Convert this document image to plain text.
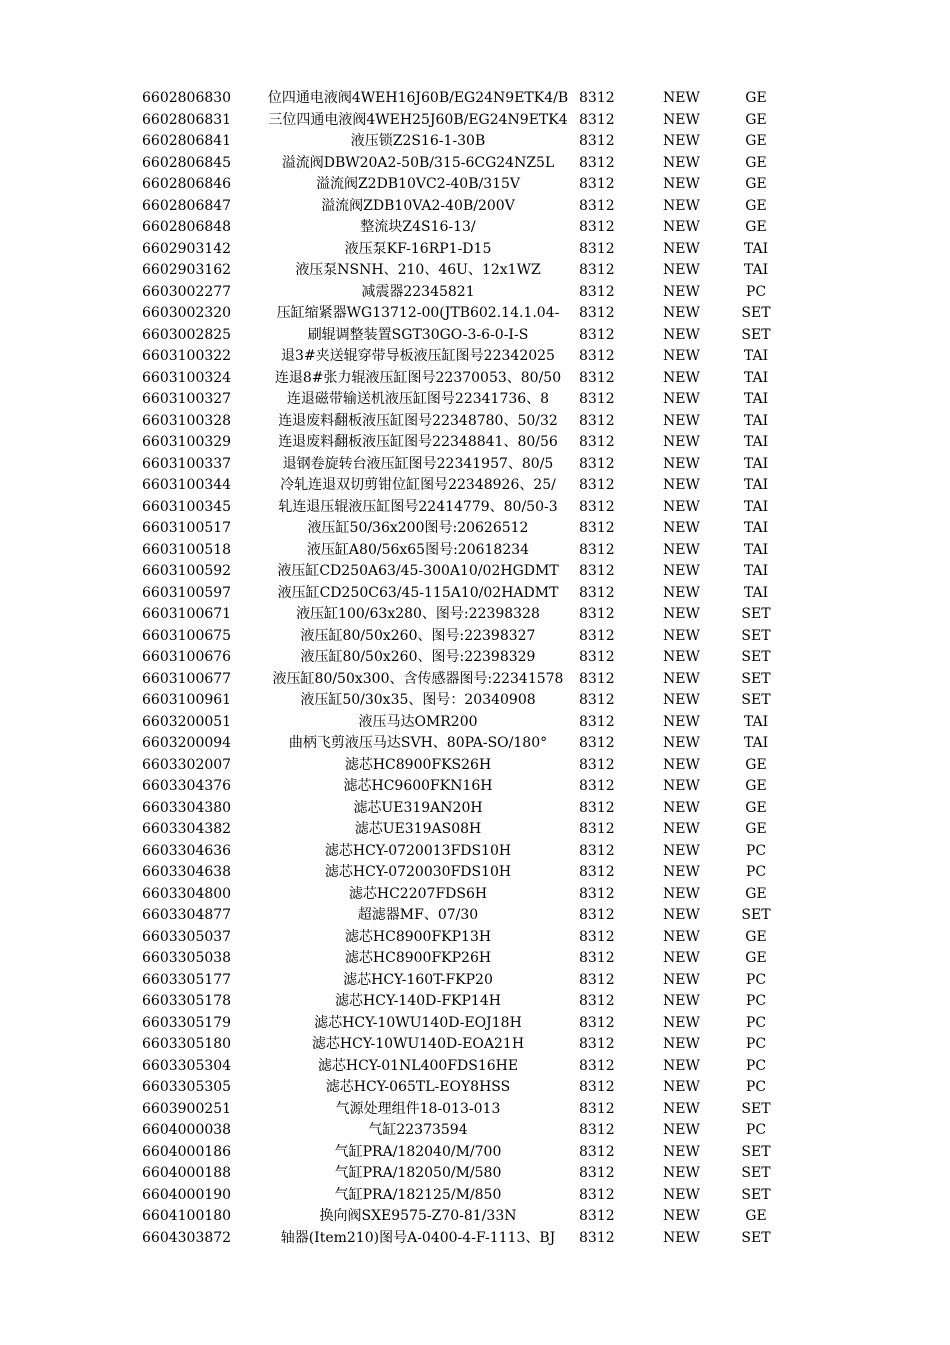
6602806830	位四通电液阀4WEH16J60B/EG24N9ETK4/B 8312	NEW	GE
6602806831	三位四通电液阀4WEH25J60B/EG24N9ETK4 8312	NEW	GE
6602806841	液压锁Z2S16-1-30B	8312	NEW	GE
6602806845	溢流阀DBW20A2-50B/315-6CG24NZ5L	8312	NEW	GE
6602806846	溢流阀Z2DB10VC2-40B/315V	8312	NEW	GE
6602806847	溢流阀ZDB10VA2-40B/200V	8312	NEW	GE
6602806848	整流块Z4S16-13/	8312	NEW	GE
6602903142	液压泵KF-16RP1-D15	8312	NEW	TAI
6602903162	液压泵NSNH、210、46U、12x1WZ	8312	NEW	TAI
6603002277	减震器22345821	8312	NEW	PC
6603002320	压缸缩紧器WG13712-00(JTB602.14.1.04-	8312	NEW	SET
6603002825	刷辊调整装置SGT30GO-3-6-0-I-S	8312	NEW	SET
6603100322	退3#夹送辊穿带导板液压缸图号22342025	8312	NEW	TAI
6603100324	连退8#张力辊液压缸图号22370053、80/50	8312	NEW	TAI
6603100327	连退磁带输送机液压缸图号22341736、8	8312	NEW	TAI
6603100328	连退废料翻板液压缸图号22348780、50/32	8312	NEW	TAI
6603100329	连退废料翻板液压缸图号22348841、80/56	8312	NEW	TAI
6603100337	退钢卷旋转台液压缸图号22341957、80/5	8312	NEW	TAI
6603100344	冷轧连退双切剪钳位缸图号22348926、25/	8312	NEW	TAI
6603100345	轧连退压辊液压缸图号22414779、80/50-3	8312	NEW	TAI
6603100517	液压缸50/36x200图号:20626512	8312	NEW	TAI
6603100518	液压缸A80/56x65图号:20618234	8312	NEW	TAI
6603100592	液压缸CD250A63/45-300A10/02HGDMT	8312	NEW	TAI
6603100597	液压缸CD250C63/45-115A10/02HADMT	8312	NEW	TAI
6603100671	液压缸100/63x280、图号:22398328	8312	NEW	SET
6603100675	液压缸80/50x260、图号:22398327	8312	NEW	SET
6603100676	液压缸80/50x260、图号:22398329	8312	NEW	SET
6603100677	液压缸80/50x300、含传感器图号:22341578	8312	NEW	SET
6603100961	液压缸50/30x35、图号：20340908	8312	NEW	SET
6603200051	液压马达OMR200	8312	NEW	TAI
6603200094	曲柄飞剪液压马达SVH、80PA-SO/180°	8312	NEW	TAI
6603302007	滤芯HC8900FKS26H	8312	NEW	GE
6603304376	滤芯HC9600FKN16H	8312	NEW	GE
6603304380	滤芯UE319AN20H	8312	NEW	GE
6603304382	滤芯UE319AS08H	8312	NEW	GE
6603304636	滤芯HCY-0720013FDS10H	8312	NEW	PC
6603304638	滤芯HCY-0720030FDS10H	8312	NEW	PC
6603304800	滤芯HC2207FDS6H	8312	NEW	GE
6603304877	超滤器MF、07/30	8312	NEW	SET
6603305037	滤芯HC8900FKP13H	8312	NEW	GE
6603305038	滤芯HC8900FKP26H	8312	NEW	GE
6603305177	滤芯HCY-160T-FKP20	8312	NEW	PC
6603305178	滤芯HCY-140D-FKP14H	8312	NEW	PC
6603305179	滤芯HCY-10WU140D-EOJ18H	8312	NEW	PC
6603305180	滤芯HCY-10WU140D-EOA21H	8312	NEW	PC
6603305304	滤芯HCY-01NL400FDS16HE	8312	NEW	PC
6603305305	滤芯HCY-065TL-EOY8HSS	8312	NEW	PC
6603900251	气源处理组件18-013-013	8312	NEW	SET
6604000038	气缸22373594	8312	NEW	PC
6604000186	气缸PRA/182040/M/700	8312	NEW	SET
6604000188	气缸PRA/182050/M/580	8312	NEW	SET
6604000190	气缸PRA/182125/M/850	8312	NEW	SET
6604100180	换向阀SXE9575-Z70-81/33N	8312	NEW	GE
6604303872	轴器(Item210)图号A-0400-4-F-1113、BJ	8312	NEW	SET
